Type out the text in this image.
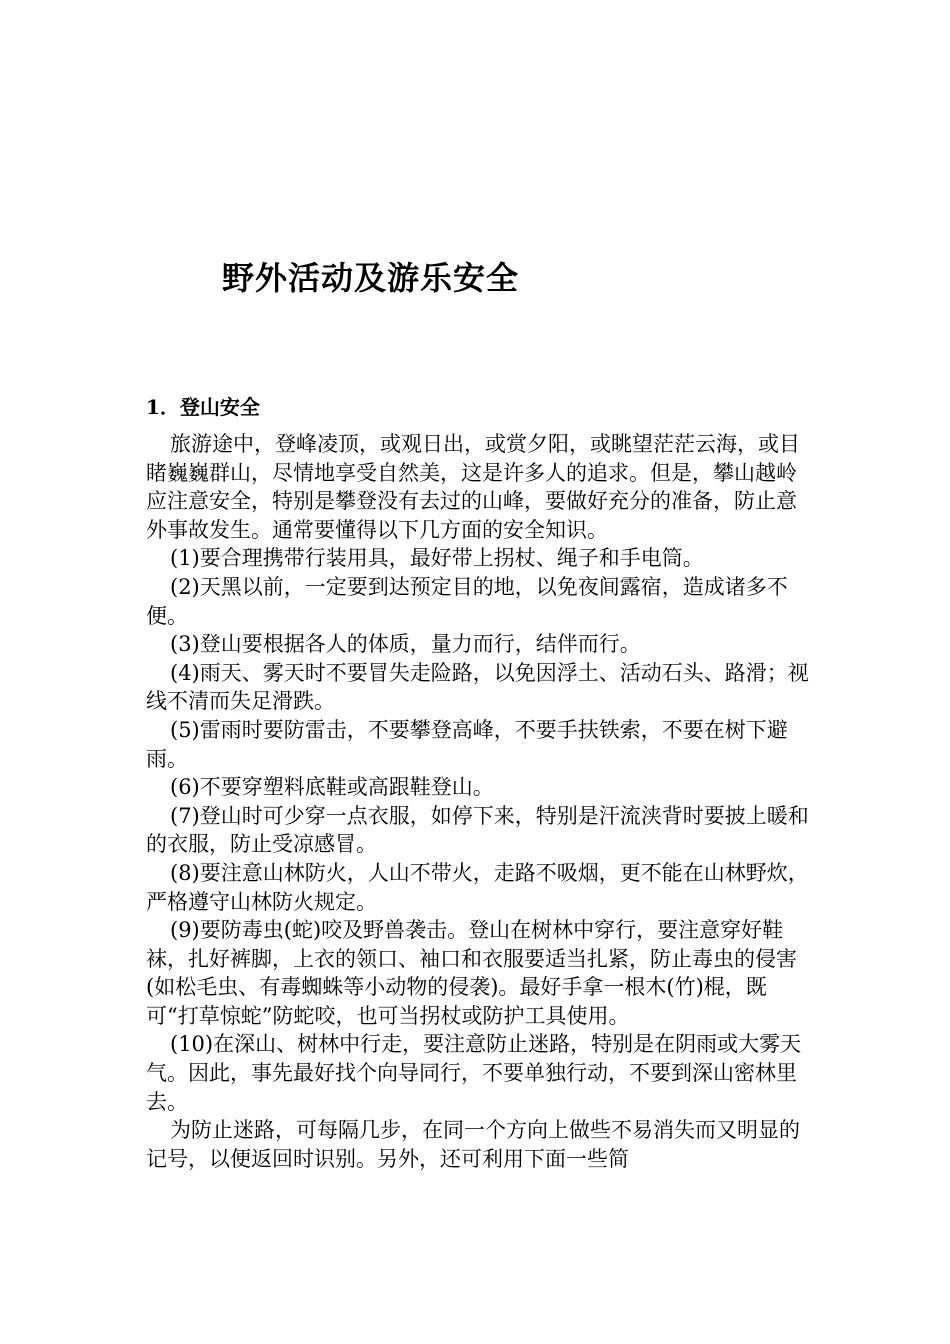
野外活动及游乐安全
1．登山安全

旅游途中，登峰凌顶，或观日出，或赏夕阳，或眺望茫茫云海，或目睹巍巍群山，尽情地享受自然美，这是许多人的追求。但是，攀山越岭应注意安全，特别是攀登没有去过的山峰，要做好充分的准备，防止意外事故发生。通常要懂得以下几方面的安全知识。

(1)要合理携带行装用具，最好带上拐杖、绳子和手电筒。

(2)天黑以前，一定要到达预定目的地，以免夜间露宿，造成诸多不便。

(3)登山要根据各人的体质，量力而行，结伴而行。

(4)雨天、雾天时不要冒失走险路，以免因浮土、活动石头、路滑；视线不清而失足滑跌。

(5)雷雨时要防雷击，不要攀登高峰，不要手扶铁索，不要在树下避雨。

(6)不要穿塑料底鞋或高跟鞋登山。

(7)登山时可少穿一点衣服，如停下来，特别是汗流浃背时要披上暖和的衣服，防止受凉感冒。

(8)要注意山林防火，人山不带火，走路不吸烟，更不能在山林野炊，严格遵守山林防火规定。

(9)要防毒虫(蛇)咬及野兽袭击。登山在树林中穿行，要注意穿好鞋袜，扎好裤脚，上衣的领口、袖口和衣服要适当扎紧，防止毒虫的侵害(如松毛虫、有毒蜘蛛等小动物的侵袭)。最好手拿一根木(竹)棍，既可“打草惊蛇”防蛇咬，也可当拐杖或防护工具使用。

(10)在深山、树林中行走，要注意防止迷路，特别是在阴雨或大雾天气。因此，事先最好找个向导同行，不要单独行动，不要到深山密林里去。

为防止迷路，可每隔几步，在同一个方向上做些不易消失而又明显的记号，以便返回时识别。另外，还可利用下面一些简
